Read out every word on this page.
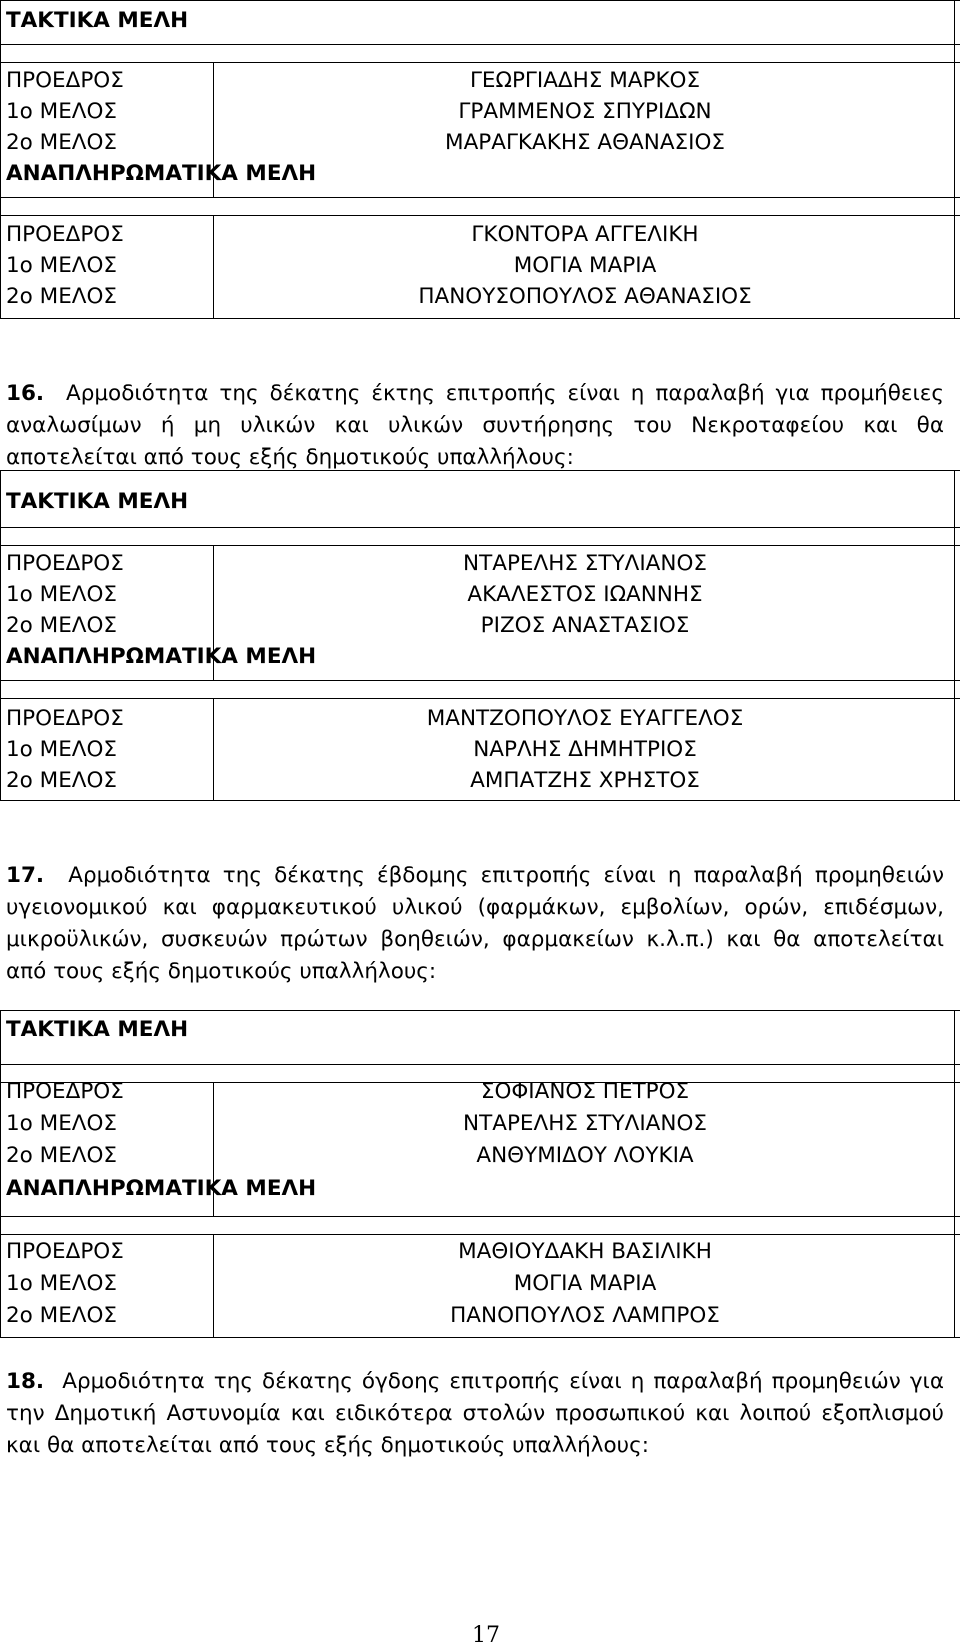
ΤΑΚΤΙΚΑ ΜΕΛΗ
ΠΡΟΕΔΡΟΣ	ΓΕΩΡΓΙΑΔΗΣ ΜΑΡΚΟΣ
1ο ΜΕΛΟΣ	ΓΡΑΜΜΕΝΟΣ ΣΠΥΡΙΔΩΝ
2ο ΜΕΛΟΣ	ΜΑΡΑΓΚΑΚΗΣ ΑΘΑΝΑΣΙΟΣ
ΑΝΑΠΛΗΡΩΜΑΤΙΚΑ ΜΕΛΗ
ΠΡΟΕΔΡΟΣ	ΓΚΟΝΤΟΡΑ ΑΓΓΕΛΙΚΗ
1ο ΜΕΛΟΣ	ΜΟΓΙΑ ΜΑΡΙΑ
2ο ΜΕΛΟΣ	ΠΑΝΟΥΣΟΠΟΥΛΟΣ ΑΘΑΝΑΣΙΟΣ
16. Αρμοδιότητα της δέκατης έκτης επιτροπής είναι η παραλαβή για προμήθειες
αναλωσίμων ή μη υλικών και υλικών συντήρησης του Νεκροταφείου και θα
αποτελείται από τους εξής δημοτικούς υπαλλήλους:
ΤΑΚΤΙΚΑ ΜΕΛΗ
ΠΡΟΕΔΡΟΣ	ΝΤΑΡΕΛΗΣ ΣΤΥΛΙΑΝΟΣ
1ο ΜΕΛΟΣ	ΑΚΑΛΕΣΤΟΣ ΙΩΑΝΝΗΣ
2ο ΜΕΛΟΣ	ΡΙΖΟΣ ΑΝΑΣΤΑΣΙΟΣ
ΑΝΑΠΛΗΡΩΜΑΤΙΚΑ ΜΕΛΗ
ΠΡΟΕΔΡΟΣ	ΜΑΝΤΖΟΠΟΥΛΟΣ ΕΥΑΓΓΕΛΟΣ
1ο ΜΕΛΟΣ	ΝΑΡΛΗΣ ΔΗΜΗΤΡΙΟΣ
2ο ΜΕΛΟΣ	ΑΜΠΑΤΖΗΣ ΧΡΗΣΤΟΣ
17. Αρμοδιότητα της δέκατης έβδομης επιτροπής είναι η παραλαβή προμηθειών
υγειονομικού και φαρμακευτικού υλικού (φαρμάκων, εμβολίων, ορών, επιδέσμων,
μικροϋλικών, συσκευών πρώτων βοηθειών, φαρμακείων κ.λ.π.) και θα αποτελείται
από τους εξής δημοτικούς υπαλλήλους:
ΤΑΚΤΙΚΑ ΜΕΛΗ
ΠΡΟΕΔΡΟΣ	ΣΟΦΙΑΝΟΣ ΠΕΤΡΟΣ
1ο ΜΕΛΟΣ	ΝΤΑΡΕΛΗΣ ΣΤΥΛΙΑΝΟΣ
2ο ΜΕΛΟΣ	ΑΝΘΥΜΙΔΟΥ ΛΟΥΚΙΑ
ΑΝΑΠΛΗΡΩΜΑΤΙΚΑ ΜΕΛΗ
ΠΡΟΕΔΡΟΣ	ΜΑΘΙΟΥΔΑΚΗ ΒΑΣΙΛΙΚΗ
1ο ΜΕΛΟΣ	ΜΟΓΙΑ ΜΑΡΙΑ
2ο ΜΕΛΟΣ	ΠΑΝΟΠΟΥΛΟΣ ΛΑΜΠΡΟΣ
18. Αρμοδιότητα της δέκατης όγδοης επιτροπής είναι η παραλαβή προμηθειών για
την Δημοτική Αστυνομία και ειδικότερα στολών προσωπικού και λοιπού εξοπλισμού
και θα αποτελείται από τους εξής δημοτικούς υπαλλήλους:
17
